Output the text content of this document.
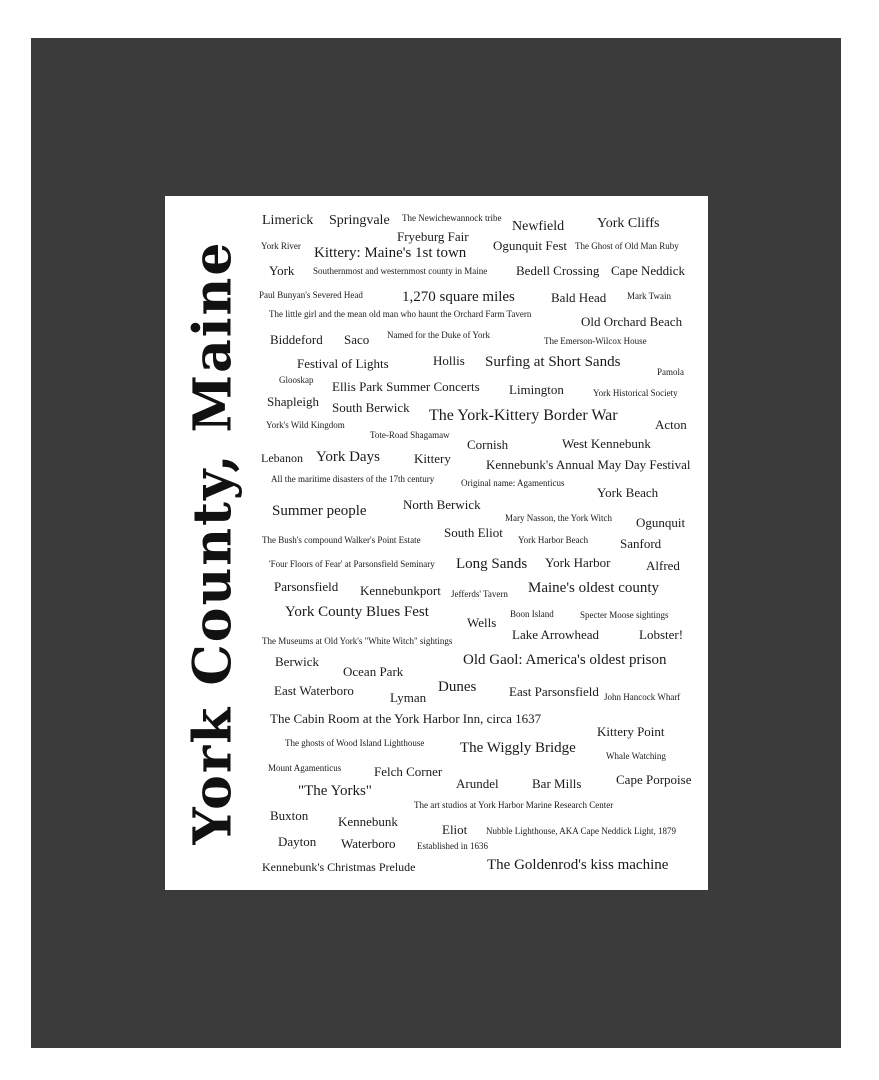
York County, Maine
Limerick Springvale The Newichewannock tribe
Newfield York Cliffs
Fryeburg Fair
York River Kittery: Maine's 1st town Ogunquit Fest The Ghost of Old Man Ruby
York Southernmost and westernmost county in Maine Bedell Crossing Cape Neddick
Paul Bunyan's Severed Head	1,270 square miles	Bald Head Mark Twain
The little girl and the mean old man who haunt the Orchard Farm Tavern	Old Orchard Beach
Biddeford Saco Named for the Duke of York
The Emerson-Wilcox House
Festival of Lights	Hollis Surfing at Short Sands
Pamola
Glooskap Ellis Park Summer Concerts Limington	York Historical Society
Shapleigh South Berwick The York-Kittery Border War
Acton
York's Wild Kingdom
Tote-Road Shagamaw
Cornish	West Kennebunk
Lebanon York Days	Kittery	Kennebunk's Annual May Day Festival
All the maritime disasters of the 17th century	Original name: Agamenticus
York Beach
Summer people	North Berwick
Mary Nasson, the York Witch Ogunquit
The Bush's compound Walker's Point Estate South Eliot York Harbor Beach Sanford
'Four Floors of Fear' at Parsonsfield Seminary Long Sands York Harbor	Alfred
Parsonsfield Kennebunkport Jefferds' Tavern Maine's oldest county
York County Blues Fest
Wells
Boon Island	Specter Moose sightings
The Museums at Old York's "White Witch" sightings	Lake Arrowhead	Lobster!
Berwick
Ocean Park
Old Gaol: America's oldest prison
East Waterboro	Dunes
Lyman	East Parsonsfield John Hancock Wharf
The Cabin Room at the York Harbor Inn, circa 1637
Kittery Point
The ghosts of Wood Island Lighthouse The Wiggly Bridge	Whale Watching
Mount Agamenticus	Felch Corner
Arundel	Bar Mills	Cape Porpoise
"The Yorks"
The art studios at York Harbor Marine Research Center
Buxton Kennebunk
Eliot Nubble Lighthouse, AKA Cape Neddick Light, 1879
Dayton Waterboro Established in 1636
Kennebunk's Christmas Prelude	The Goldenrod's kiss machine
